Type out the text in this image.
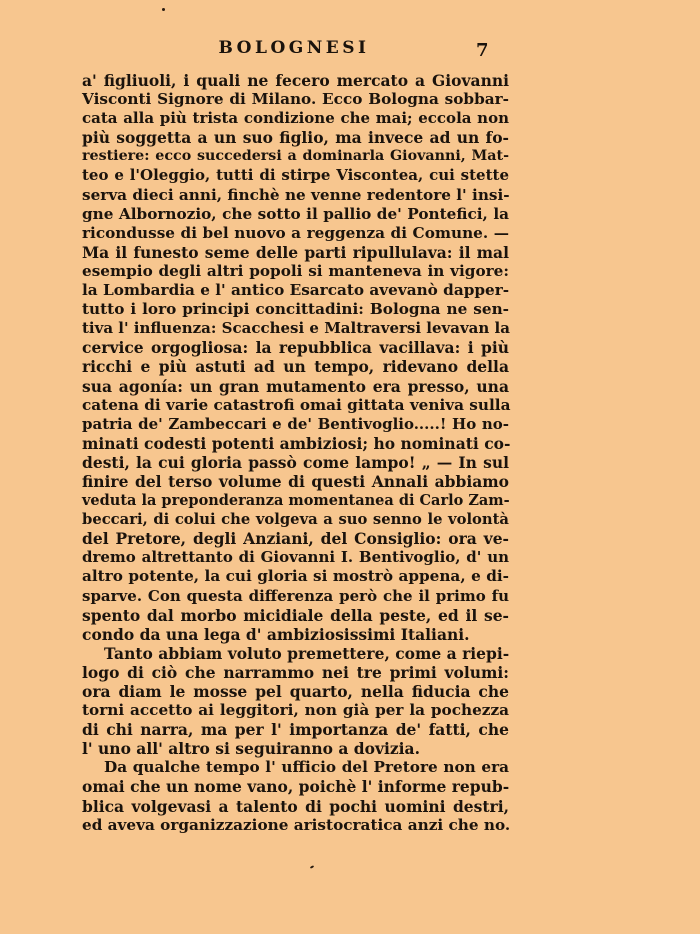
BOLOGNESI	7
a' figliuoli, i quali ne fecero mercato a Giovanni
Visconti Signore di Milano. Ecco Bologna sobbar-
cata alla più trista condizione che mai; eccola non
più soggetta a un suo figlio, ma invece ad un fo-
restiere: ecco succedersi a dominarla Giovanni, Mat-
teo e l'Oleggio, tutti di stirpe Viscontea, cui stette
serva dieci anni, finchè ne venne redentore l' insi-
gne Albornozio, che sotto il pallio de' Pontefici, la
ricondusse di bel nuovo a reggenza di Comune. —
Ma il funesto seme delle parti ripullulava: il mal
esempio degli altri popoli si manteneva in vigore:
la Lombardia e l' antico Esarcato avevanò dapper-
tutto i loro principi concittadini: Bologna ne sen-
tiva l' influenza: Scacchesi e Maltraversi levavan la
cervice orgogliosa: la repubblica vacillava: i più
ricchi e più astuti ad un tempo, ridevano della
sua agonía: un gran mutamento era presso, una
catena di varie catastrofi omai gittata veniva sulla
patria de' Zambeccari e de' Bentivoglio.....! Ho no-
minati codesti potenti ambiziosi; ho nominati co-
desti, la cui gloria passò come lampo! „ — In sul
finire del terso volume di questi Annali abbiamo
veduta la preponderanza momentanea di Carlo Zam-
beccari, di colui che volgeva a suo senno le volontà
del Pretore, degli Anziani, del Consiglio: ora ve-
dremo altrettanto di Giovanni I. Bentivoglio, d' un
altro potente, la cui gloria si mostrò appena, e di-
sparve. Con questa differenza però che il primo fu
spento dal morbo micidiale della peste, ed il se-
condo da una lega d' ambiziosissimi Italiani.
Tanto abbiam voluto premettere, come a riepi-
logo di ciò che narrammo nei tre primi volumi:
ora diam le mosse pel quarto, nella fiducia che
torni accetto ai leggitori, non già per la pochezza
di chi narra, ma per l' importanza de' fatti, che
l' uno all' altro si seguiranno a dovizia.
Da qualche tempo l' ufficio del Pretore non era
omai che un nome vano, poichè l' informe repub-
blica volgevasi a talento di pochi uomini destri,
ed aveva organizzazione aristocratica anzi che no.
